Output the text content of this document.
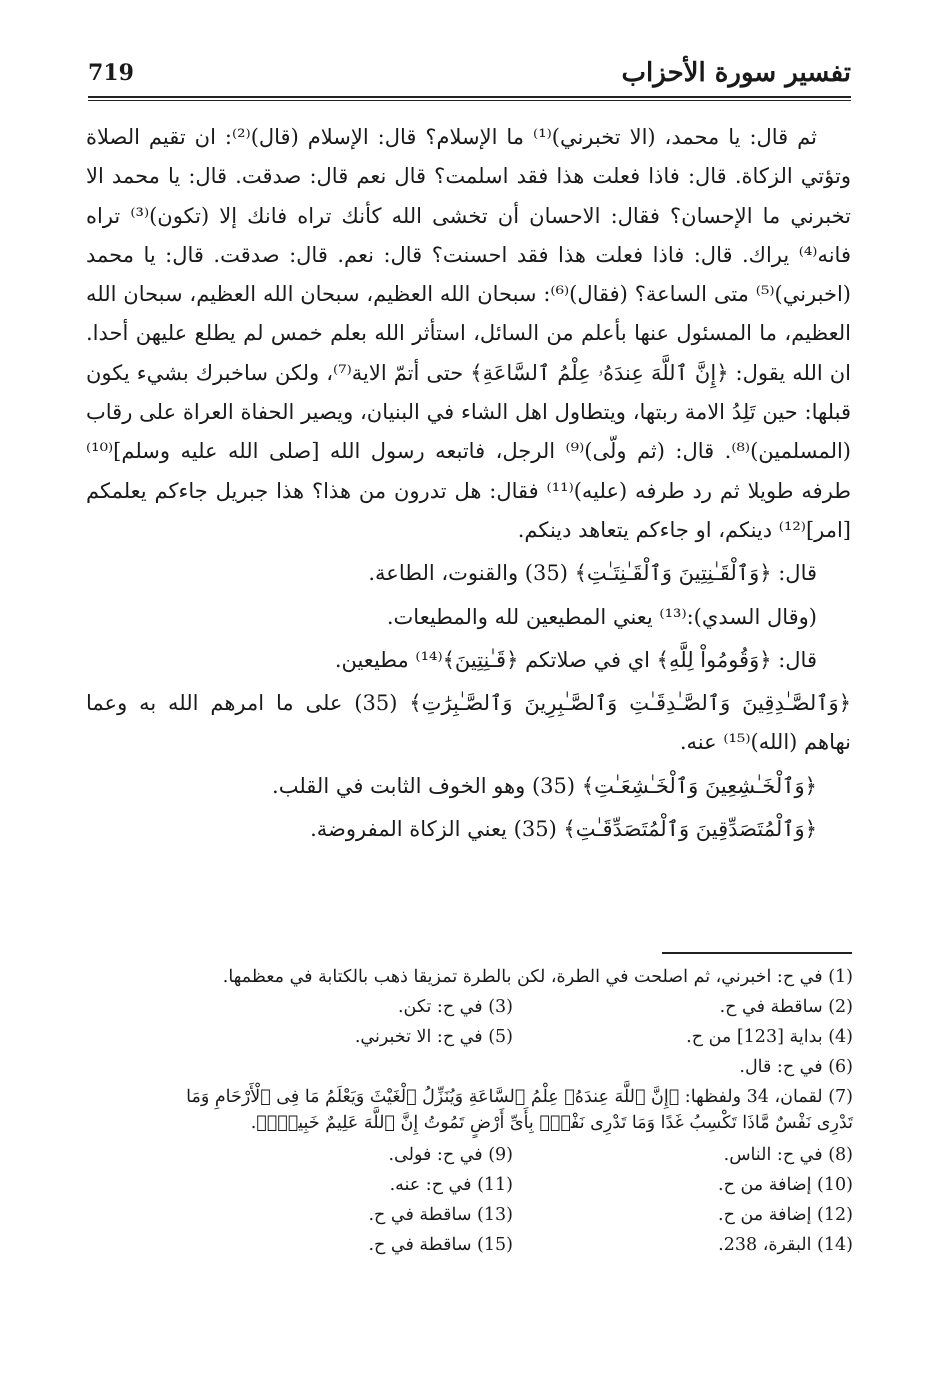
تفسير سورة الأحزاب
719

ثم قال: يا محمد، (الا تخبرني)⁽¹⁾ ما الإسلام؟ قال: الإسلام (قال)⁽²⁾: ان تقيم الصلاة وتؤتي الزكاة. قال: فاذا فعلت هذا فقد اسلمت؟ قال نعم قال: صدقت. قال: يا محمد الا تخبرني ما الإحسان؟ فقال: الاحسان أن تخشى الله كأنك تراه فانك إلا (تكون)⁽³⁾ تراه فانه⁽⁴⁾ يراك. قال: فاذا فعلت هذا فقد احسنت؟ قال: نعم. قال: صدقت. قال: يا محمد (اخبرني)⁽⁵⁾ متى الساعة؟ (فقال)⁽⁶⁾: سبحان الله العظيم، سبحان الله العظيم، سبحان الله العظيم، ما المسئول عنها بأعلم من السائل، استأثر الله بعلم خمس لم يطلع عليهن أحدا. ان الله يقول: ﴿إِنَّ ٱللَّهَ عِندَهُۥ عِلْمُ ٱلسَّاعَةِ﴾ حتى أتمّ الاية⁽⁷⁾، ولكن ساخبرك بشيء يكون قبلها: حين تَلِدُ الامة ربتها، ويتطاول اهل الشاء في البنيان، ويصير الحفاة العراة على رقاب (المسلمين)⁽⁸⁾. قال: (ثم ولّى)⁽⁹⁾ الرجل، فاتبعه رسول الله [صلى الله عليه وسلم]⁽¹⁰⁾ طرفه طويلا ثم رد طرفه (عليه)⁽¹¹⁾ فقال: هل تدرون من هذا؟ هذا جبريل جاءكم يعلمكم [امر]⁽¹²⁾ دينكم، او جاءكم يتعاهد دينكم.

قال: ﴿وَٱلْقَـٰنِتِينَ وَٱلْقَـٰنِتَـٰتِ﴾ (35) والقنوت، الطاعة.

(وقال السدي):⁽¹³⁾ يعني المطيعين لله والمطيعات.

قال: ﴿وَقُومُواْ لِلَّهِ﴾ اي في صلاتكم ﴿قَـٰنِتِينَ﴾⁽¹⁴⁾ مطيعين.

﴿وَٱلصَّـٰدِقِينَ وَٱلصَّـٰدِقَـٰتِ وَٱلصَّـٰبِرِينَ وَٱلصَّـٰبِرَٰتِ﴾ (35) على ما امرهم الله به وعما نهاهم (الله)⁽¹⁵⁾ عنه.

﴿وَٱلْخَـٰشِعِينَ وَٱلْخَـٰشِعَـٰتِ﴾ (35) وهو الخوف الثابت في القلب.

﴿وَٱلْمُتَصَدِّقِينَ وَٱلْمُتَصَدِّقَـٰتِ﴾ (35) يعني الزكاة المفروضة.

(1) في ح: اخبرني، ثم اصلحت في الطرة، لكن بالطرة تمزيقا ذهب بالكتابة في معظمها.
(2) ساقطة في ح.
(3) في ح: تكن.
(4) بداية [123] من ح.
(5) في ح: الا تخبرني.
(6) في ح: قال.
(7) لقمان، 34 ولفظها: ﴿إِنَّ ٱللَّهَ عِندَهُۥ عِلْمُ ٱلسَّاعَةِ وَيُنَزِّلُ ٱلْغَيْثَ وَيَعْلَمُ مَا فِى ٱلْأَرْحَامِ وَمَا تَدْرِى نَفْسٌ مَّاذَا تَكْسِبُ غَدًا وَمَا تَدْرِى نَفْسٌۢ بِأَىِّ أَرْضٍ تَمُوتُ إِنَّ ٱللَّهَ عَلِيمٌ خَبِيرٌۢ﴾.
(8) في ح: الناس.
(9) في ح: فولى.
(10) إضافة من ح.
(11) في ح: عنه.
(12) إضافة من ح.
(13) ساقطة في ح.
(14) البقرة، 238.
(15) ساقطة في ح.
